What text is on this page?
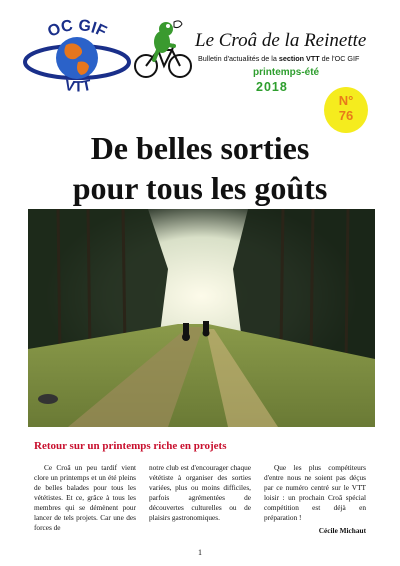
OC GIF
VTT
Le Croâ de la Reinette
Bulletin d'actualités de la section VTT de l'OC GIF
printemps-été
2018
N°
76
De belles sorties
pour tous les goûts
Retour sur un printemps riche en projets

Ce Croâ un peu tardif vient clore un printemps et un été pleins de belles balades pour tous les vététistes. Et ce, grâce à tous les membres qui se démènent pour lancer de tels projets. Car une des forces de

notre club est d'encourager chaque vététiste à organiser des sorties variées, plus ou moins difficiles, parfois agrémentées de découvertes culturelles ou de plaisirs gastronomiques.

Que les plus compétiteurs d'entre nous ne soient pas déçus par ce numéro centré sur le VTT loisir : un prochain Croâ spécial compétition est déjà en préparation !

Cécile Michaut
1
